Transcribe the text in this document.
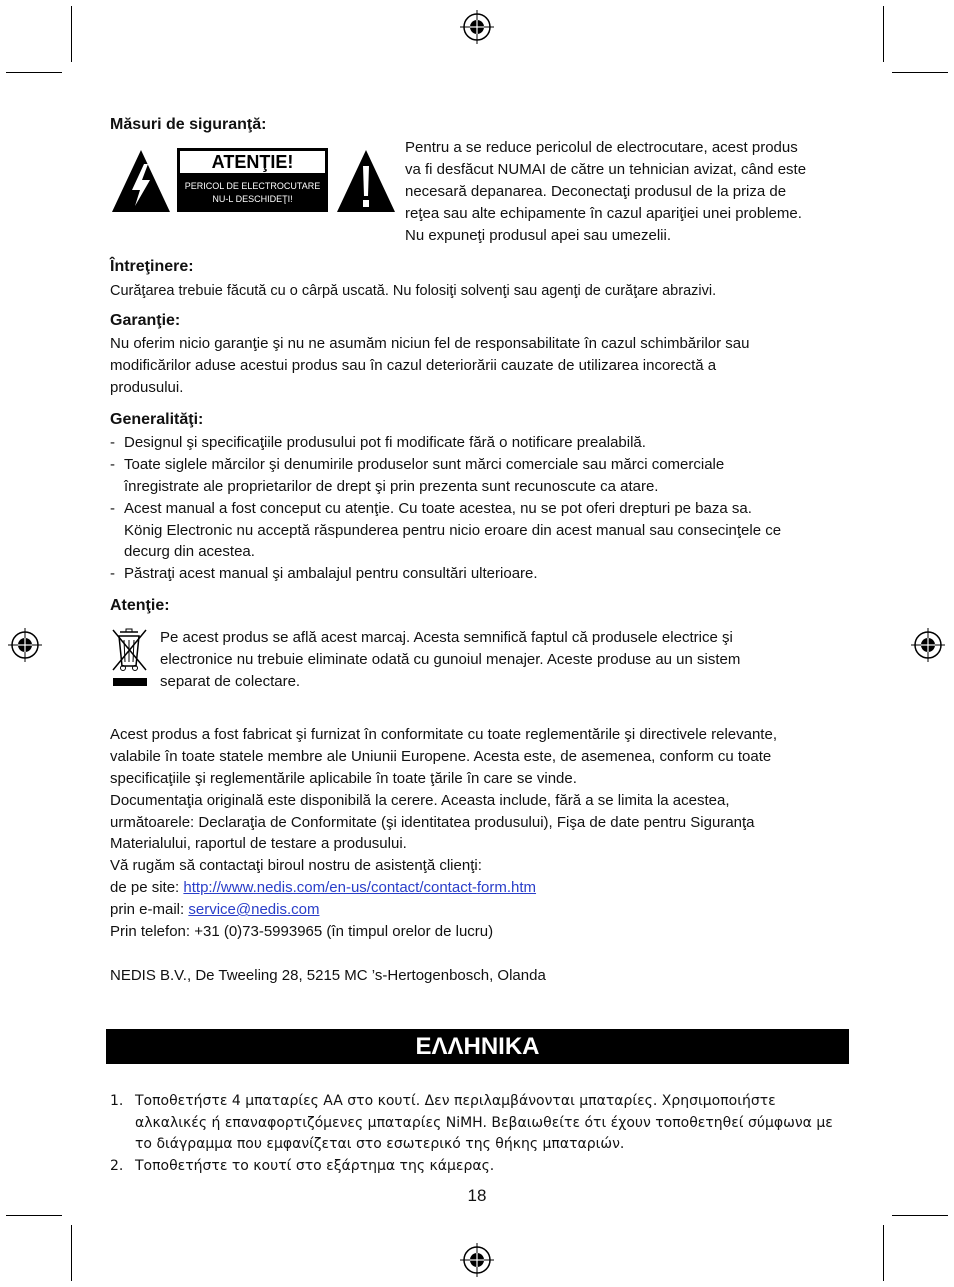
Măsuri de siguranţă:
ATENŢIE!
PERICOL DE ELECTROCUTARE
NU-L DESCHIDEŢI!
Pentru a se reduce pericolul de electrocutare, acest produs
va fi desfăcut NUMAI de către un tehnician avizat, când este
necesară depanarea. Deconectaţi produsul de la priza de
reţea sau alte echipamente în cazul apariţiei unei probleme.
Nu expuneţi produsul apei sau umezelii.
Întreţinere:
Curăţarea trebuie făcută cu o cârpă uscată. Nu folosiţi solvenţi sau agenţi de curăţare abrazivi.
Garanţie:
Nu oferim nicio garanţie şi nu ne asumăm niciun fel de responsabilitate în cazul schimbărilor sau
modificărilor aduse acestui produs sau în cazul deteriorării cauzate de utilizarea incorectă a
produsului.
Generalităţi:
- Designul şi specificaţiile produsului pot fi modificate fără o notificare prealabilă.
- Toate siglele mărcilor şi denumirile produselor sunt mărci comerciale sau mărci comerciale
înregistrate ale proprietarilor de drept şi prin prezenta sunt recunoscute ca atare.
- Acest manual a fost conceput cu atenţie. Cu toate acestea, nu se pot oferi drepturi pe baza sa.
König Electronic nu acceptă răspunderea pentru nicio eroare din acest manual sau consecinţele ce
decurg din acestea.
- Păstraţi acest manual şi ambalajul pentru consultări ulterioare.
Atenţie:
Pe acest produs se află acest marcaj. Acesta semnifică faptul că produsele electrice şi
electronice nu trebuie eliminate odată cu gunoiul menajer. Aceste produse au un sistem
separat de colectare.
Acest produs a fost fabricat şi furnizat în conformitate cu toate reglementările şi directivele relevante,
valabile în toate statele membre ale Uniunii Europene. Acesta este, de asemenea, conform cu toate
specificaţiile şi reglementările aplicabile în toate ţările în care se vinde.
Documentaţia originală este disponibilă la cerere. Aceasta include, fără a se limita la acestea,
următoarele: Declaraţia de Conformitate (şi identitatea produsului), Fişa de date pentru Siguranţa
Materialului, raportul de testare a produsului.
Vă rugăm să contactaţi biroul nostru de asistenţă clienţi:
de pe site: http://www.nedis.com/en-us/contact/contact-form.htm
prin e-mail: service@nedis.com
Prin telefon: +31 (0)73-5993965 (în timpul orelor de lucru)
NEDIS B.V., De Tweeling 28, 5215 MC ’s-Hertogenbosch, Olanda
ΕΛΛΗΝΙΚΑ
1. Τοποθετήστε 4 μπαταρίες AA στο κουτί. Δεν περιλαμβάνονται μπαταρίες. Χρησιμοποιήστε
αλκαλικές ή επαναφορτιζόμενες μπαταρίες NiMH. Βεβαιωθείτε ότι έχουν τοποθετηθεί σύμφωνα με
το διάγραμμα που εμφανίζεται στο εσωτερικό της θήκης μπαταριών.
2. Τοποθετήστε το κουτί στο εξάρτημα της κάμερας.
18
